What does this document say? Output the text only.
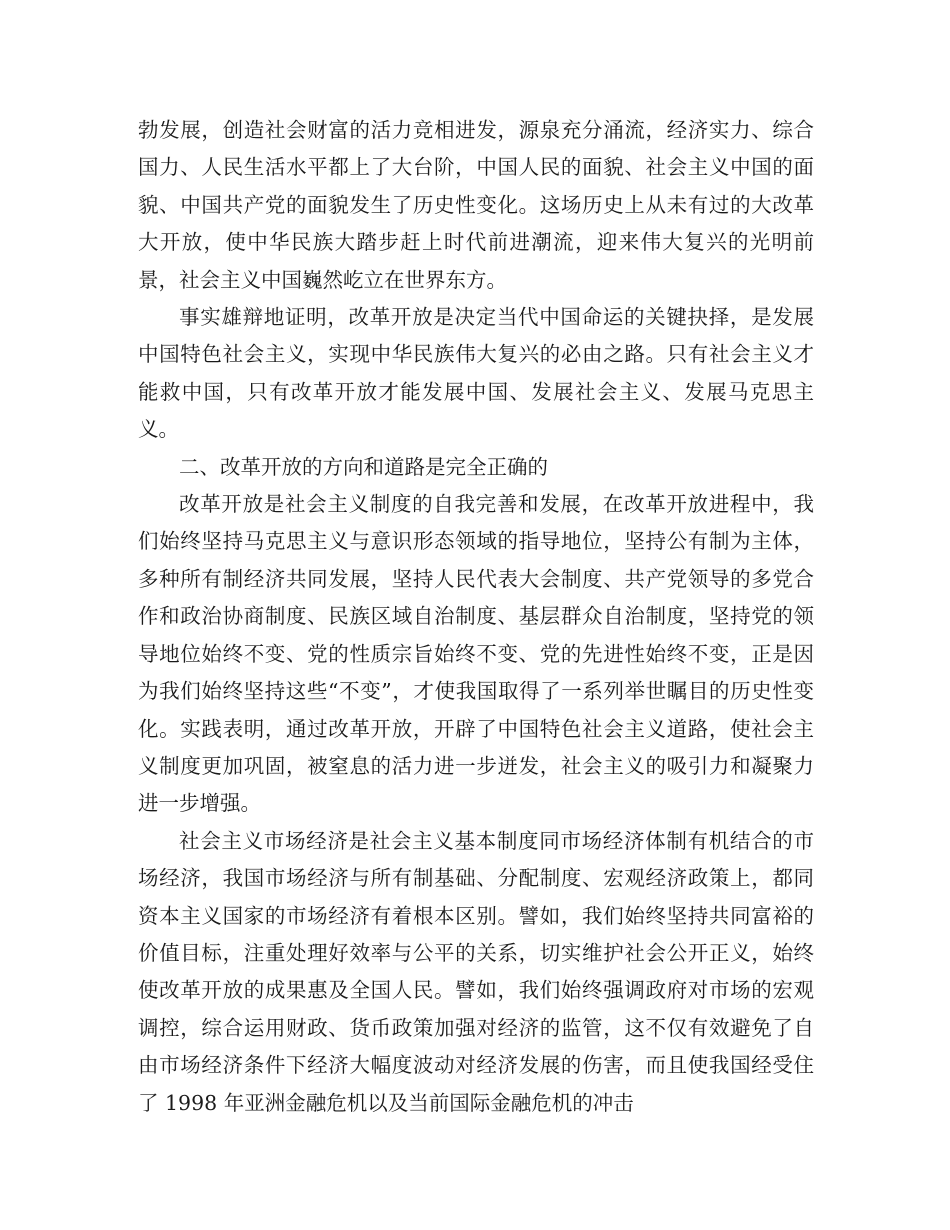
勃发展，创造社会财富的活力竞相进发，源泉充分涌流，经济实力、综合国力、人民生活水平都上了大台阶，中国人民的面貌、社会主义中国的面貌、中国共产党的面貌发生了历史性变化。这场历史上从未有过的大改革大开放，使中华民族大踏步赶上时代前进潮流，迎来伟大复兴的光明前景，社会主义中国巍然屹立在世界东方。

事实雄辩地证明，改革开放是决定当代中国命运的关键抉择，是发展中国特色社会主义，实现中华民族伟大复兴的必由之路。只有社会主义才能救中国，只有改革开放才能发展中国、发展社会主义、发展马克思主义。

二、改革开放的方向和道路是完全正确的

改革开放是社会主义制度的自我完善和发展，在改革开放进程中，我们始终坚持马克思主义与意识形态领域的指导地位，坚持公有制为主体，多种所有制经济共同发展，坚持人民代表大会制度、共产党领导的多党合作和政治协商制度、民族区域自治制度、基层群众自治制度，坚持党的领导地位始终不变、党的性质宗旨始终不变、党的先进性始终不变，正是因为我们始终坚持这些“不变”，才使我国取得了一系列举世瞩目的历史性变化。实践表明，通过改革开放，开辟了中国特色社会主义道路，使社会主义制度更加巩固，被窒息的活力进一步迸发，社会主义的吸引力和凝聚力进一步增强。

社会主义市场经济是社会主义基本制度同市场经济体制有机结合的市场经济，我国市场经济与所有制基础、分配制度、宏观经济政策上，都同资本主义国家的市场经济有着根本区别。譬如，我们始终坚持共同富裕的价值目标，注重处理好效率与公平的关系，切实维护社会公开正义，始终使改革开放的成果惠及全国人民。譬如，我们始终强调政府对市场的宏观调控，综合运用财政、货币政策加强对经济的监管，这不仅有效避免了自由市场经济条件下经济大幅度波动对经济发展的伤害，而且使我国经受住了 1998 年亚洲金融危机以及当前国际金融危机的冲击
